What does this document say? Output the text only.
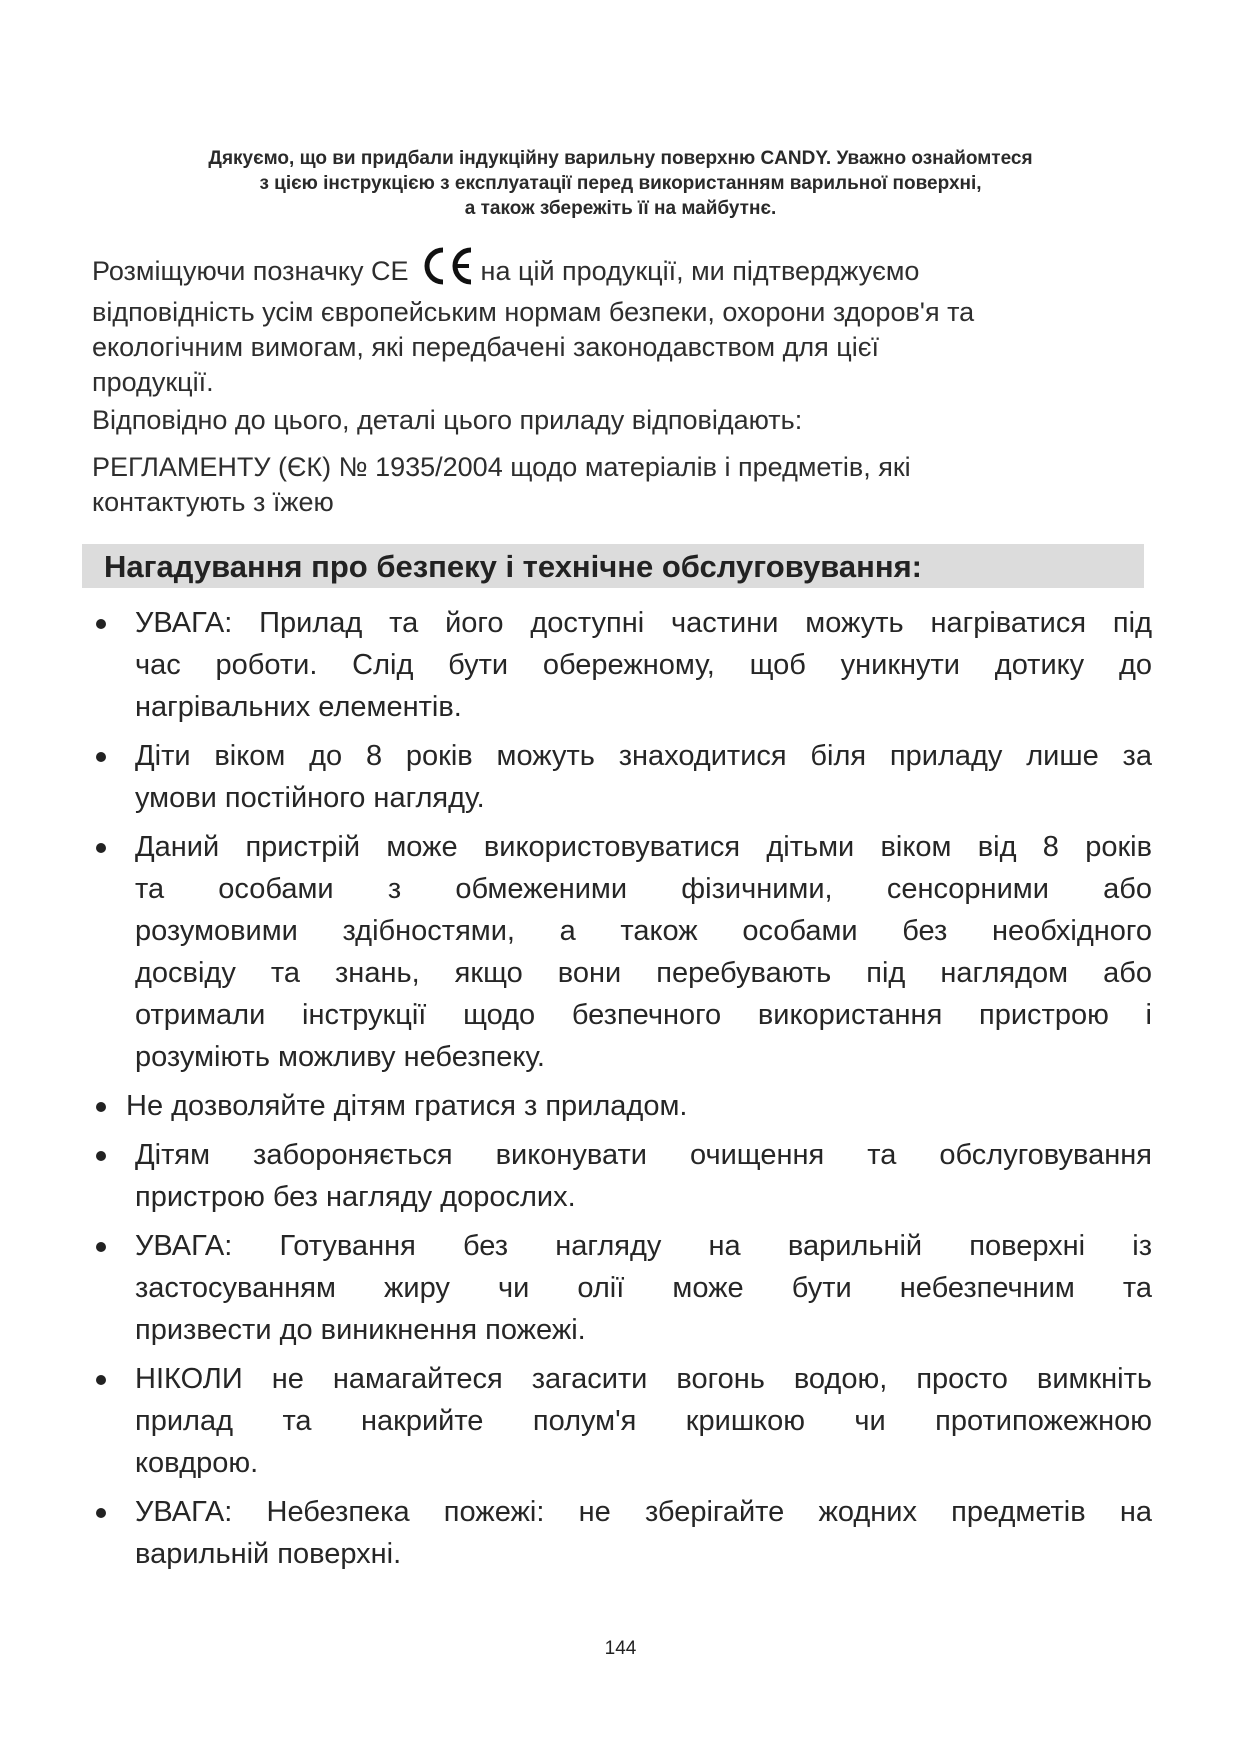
Дякуємо, що ви придбали індукційну варильну поверхню CANDY. Уважно ознайомтеся
з цією інструкцією з експлуатації перед використанням варильної поверхні,
а також збережіть її на майбутнє.
Розміщуючи позначку CE	на цій продукції, ми підтверджуємо
відповідність усім європейським нормам безпеки, охорони здоров'я та
екологічним вимогам, які передбачені законодавством для цієї
продукції.
Відповідно до цього, деталі цього приладу відповідають:
РЕГЛАМЕНТУ (ЄК) № 1935/2004 щодо матеріалів і предметів, які
контактують з їжею
Нагадування про безпеку і технічне обслуговування:
УВАГА: Прилад та його доступні частини можуть нагріватися під
час роботи. Слід бути обережному, щоб уникнути дотику до
нагрівальних елементів.
Діти віком до 8 років можуть знаходитися біля приладу лише за
умови постійного нагляду.
Даний пристрій може використовуватися дітьми віком від 8 років
та особами з обмеженими фізичними, сенсорними або
розумовими здібностями, а також особами без необхідного
досвіду та знань, якщо вони перебувають під наглядом або
отримали інструкції щодо безпечного використання пристрою і
розуміють можливу небезпеку.
Не дозволяйте дітям гратися з приладом.
Дітям забороняється виконувати очищення та обслуговування
пристрою без нагляду дорослих.
УВАГА: Готування без нагляду на варильній поверхні із
застосуванням жиру чи олії може бути небезпечним та
призвести до виникнення пожежі.
НІКОЛИ не намагайтеся загасити вогонь водою, просто вимкніть
прилад та накрийте полум'я кришкою чи протипожежною
ковдрою.
УВАГА: Небезпека пожежі: не зберігайте жодних предметів на
варильній поверхні.
144
